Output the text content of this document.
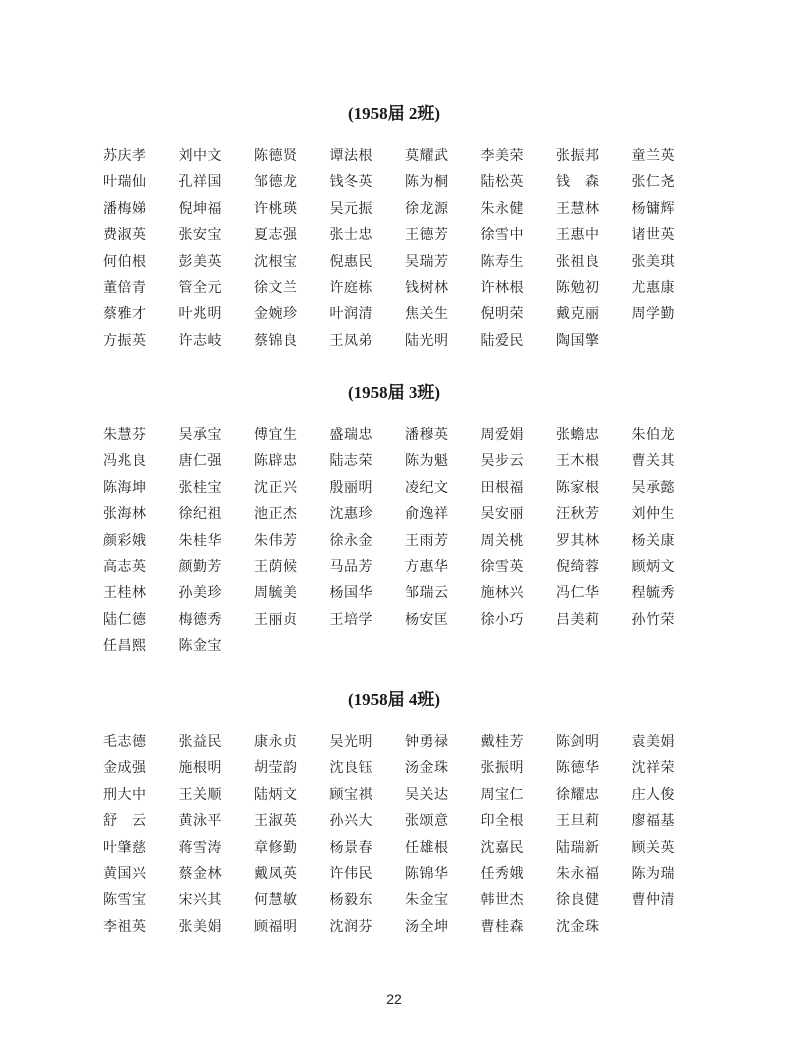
(1958届 2班)
苏庆孝	刘中文	陈德贤	谭法根	莫耀武	李美荣	张振邦	童兰英
叶瑞仙	孔祥国	邹德龙	钱冬英	陈为桐	陆松英	钱　森	张仁尧
潘梅娣	倪坤福	许桃瑛	吴元振	徐龙源	朱永健	王慧林	杨镛辉
费淑英	张安宝	夏志强	张士忠	王德芳	徐雪中	王惠中	诸世英
何伯根	彭美英	沈根宝	倪惠民	吴瑞芳	陈寿生	张祖良	张美琪
董倍青	管全元	徐文兰	许庭栋	钱树林	许林根	陈勉初	尤惠康
蔡雅才	叶兆明	金婉珍	叶润清	焦关生	倪明荣	戴克丽	周学勤
方振英	许志岐	蔡锦良	王凤弟	陆光明	陆爱民	陶国擎
(1958届 3班)
朱慧芬	吴承宝	傅宜生	盛瑞忠	潘穆英	周爱娟	张蟾忠	朱伯龙
冯兆良	唐仁强	陈辟忠	陆志荣	陈为魁	吴步云	王木根	曹关其
陈海坤	张桂宝	沈正兴	殷丽明	凌纪文	田根福	陈家根	吴承懿
张海林	徐纪祖	池正杰	沈惠珍	俞逸祥	吴安丽	汪秋芳	刘仲生
颜彩娥	朱桂华	朱伟芳	徐永金	王雨芳	周关桃	罗其林	杨关康
高志英	颜勤芳	王荫候	马品芳	方惠华	徐雪英	倪绮蓉	顾炳文
王桂林	孙美珍	周毓美	杨国华	邹瑞云	施林兴	冯仁华	程毓秀
陆仁德	梅德秀	王丽贞	王培学	杨安匡	徐小巧	吕美莉	孙竹荣
任昌熙	陈金宝
(1958届 4班)
毛志德	张益民	康永贞	吴光明	钟勇禄	戴桂芳	陈剑明	袁美娟
金成强	施根明	胡莹韵	沈良钰	汤金珠	张振明	陈德华	沈祥荣
刑大中	王关顺	陆炳文	顾宝祺	吴关达	周宝仁	徐耀忠	庄人俊
舒　云	黄泳平	王淑英	孙兴大	张颂意	印全根	王旦莉	廖福基
叶肇慈	蒋雪涛	章修勤	杨景春	任雄根	沈嘉民	陆瑞新	顾关英
黄国兴	蔡金林	戴凤英	许伟民	陈锦华	任秀娥	朱永福	陈为瑞
陈雪宝	宋兴其	何慧敏	杨毅东	朱金宝	韩世杰	徐良健	曹仲清
李祖英	张美娟	顾福明	沈润芬	汤全坤	曹桂森	沈金珠
22
